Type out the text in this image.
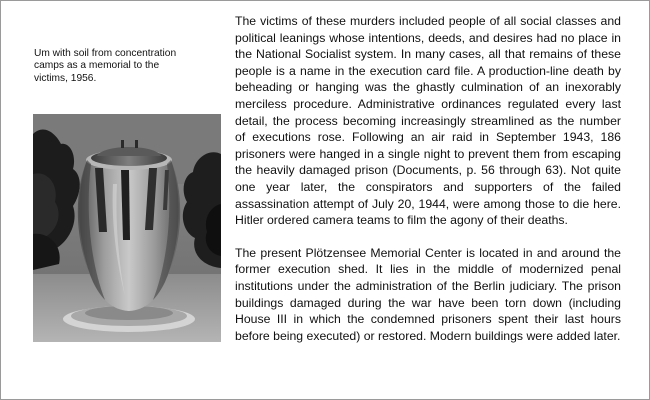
Um with soil from concentration camps as a memorial to the victims, 1956.

The victims of these murders included people of all social classes and political leanings whose intentions, deeds, and desires had no place in the National Socialist system. In many cases, all that remains of these people is a name in the execution card file. A production-line death by beheading or hanging was the ghastly culmination of an inexorably merciless procedure. Administrative ordinances regulated every last detail, the process becoming increasingly streamlined as the number of executions rose. Following an air raid in September 1943, 186 prisoners were hanged in a single night to prevent them from escaping the heavily damaged prison (Documents, p. 56 through 63). Not quite one year later, the conspirators and supporters of the failed assassination attempt of July 20, 1944, were among those to die here. Hitler ordered camera teams to film the agony of their deaths.

The present Plötzensee Memorial Center is located in and around the former execution shed. It lies in the middle of modernized penal institutions under the administration of the Berlin judiciary. The prison buildings damaged during the war have been torn down (including House III in which the condemned prisoners spent their last hours before being executed) or restored. Modern buildings were added later.
